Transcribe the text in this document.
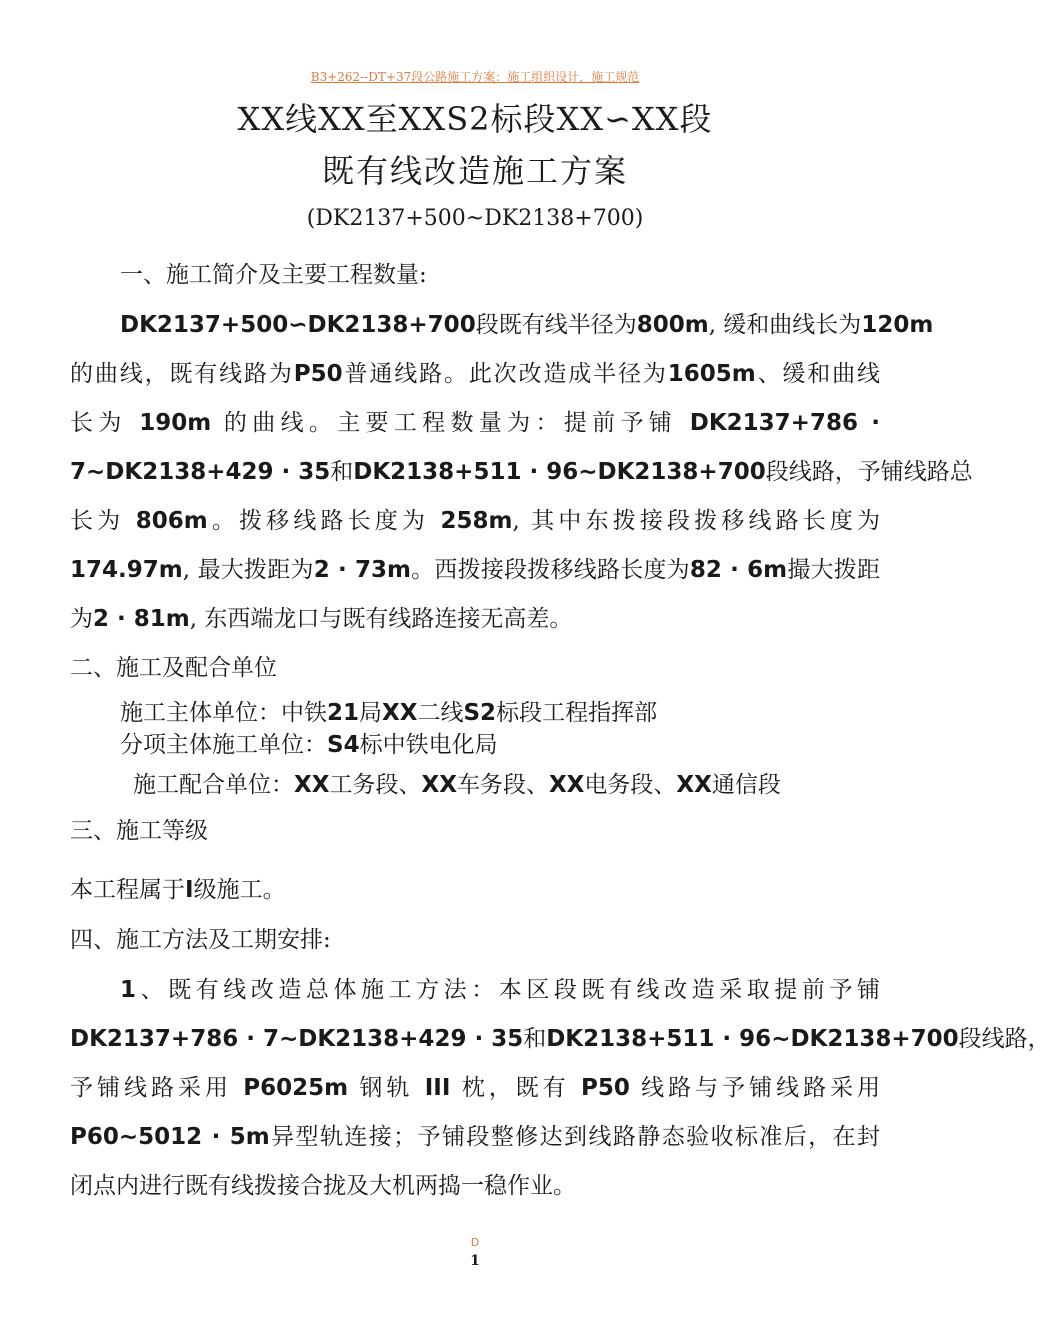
B3+262--DT+37段公路施工方案：施工组织设计，施工规范
XX线XX至XXS2标段XX∽XX段
既有线改造施工方案
(DK2137+500~DK2138+700)
一、施工简介及主要工程数量:
DK2137+500∽DK2138+700段既有线半径为800m, 缓和曲线长为120m
的曲线，既有线路为P50普通线路。此次改造成半径为1605m、缓和曲线
长为 190m 的曲线。主要工程数量为：提前予铺 DK2137+786 ·
7~DK2138+429 · 35和DK2138+511 · 96~DK2138+700段线路，予铺线路总
长为 806m。拨移线路长度为 258m, 其中东拨接段拨移线路长度为
174.97m, 最大拨距为2 · 73m。西拨接段拨移线路长度为82 · 6m撮大拨距
为2 · 81m, 东西端龙口与既有线路连接无高差。
二、施工及配合单位
施工主体单位：中铁21局XX二线S2标段工程指挥部
分项主体施工单位：S4标中铁电化局
施工配合单位：XX工务段、XX车务段、XX电务段、XX通信段
三、施工等级
本工程属于I级施工。
四、施工方法及工期安排:
1、既有线改造总体施工方法：本区段既有线改造采取提前予铺
DK2137+786 · 7~DK2138+429 · 35和DK2138+511 · 96~DK2138+700段线路，
予铺线路采用 P6025m 钢轨 III 枕，既有 P50 线路与予铺线路采用
P60~5012 · 5m异型轨连接；予铺段整修达到线路静态验收标准后，在封
闭点内进行既有线拨接合拢及大机两捣一稳作业。
D
1
